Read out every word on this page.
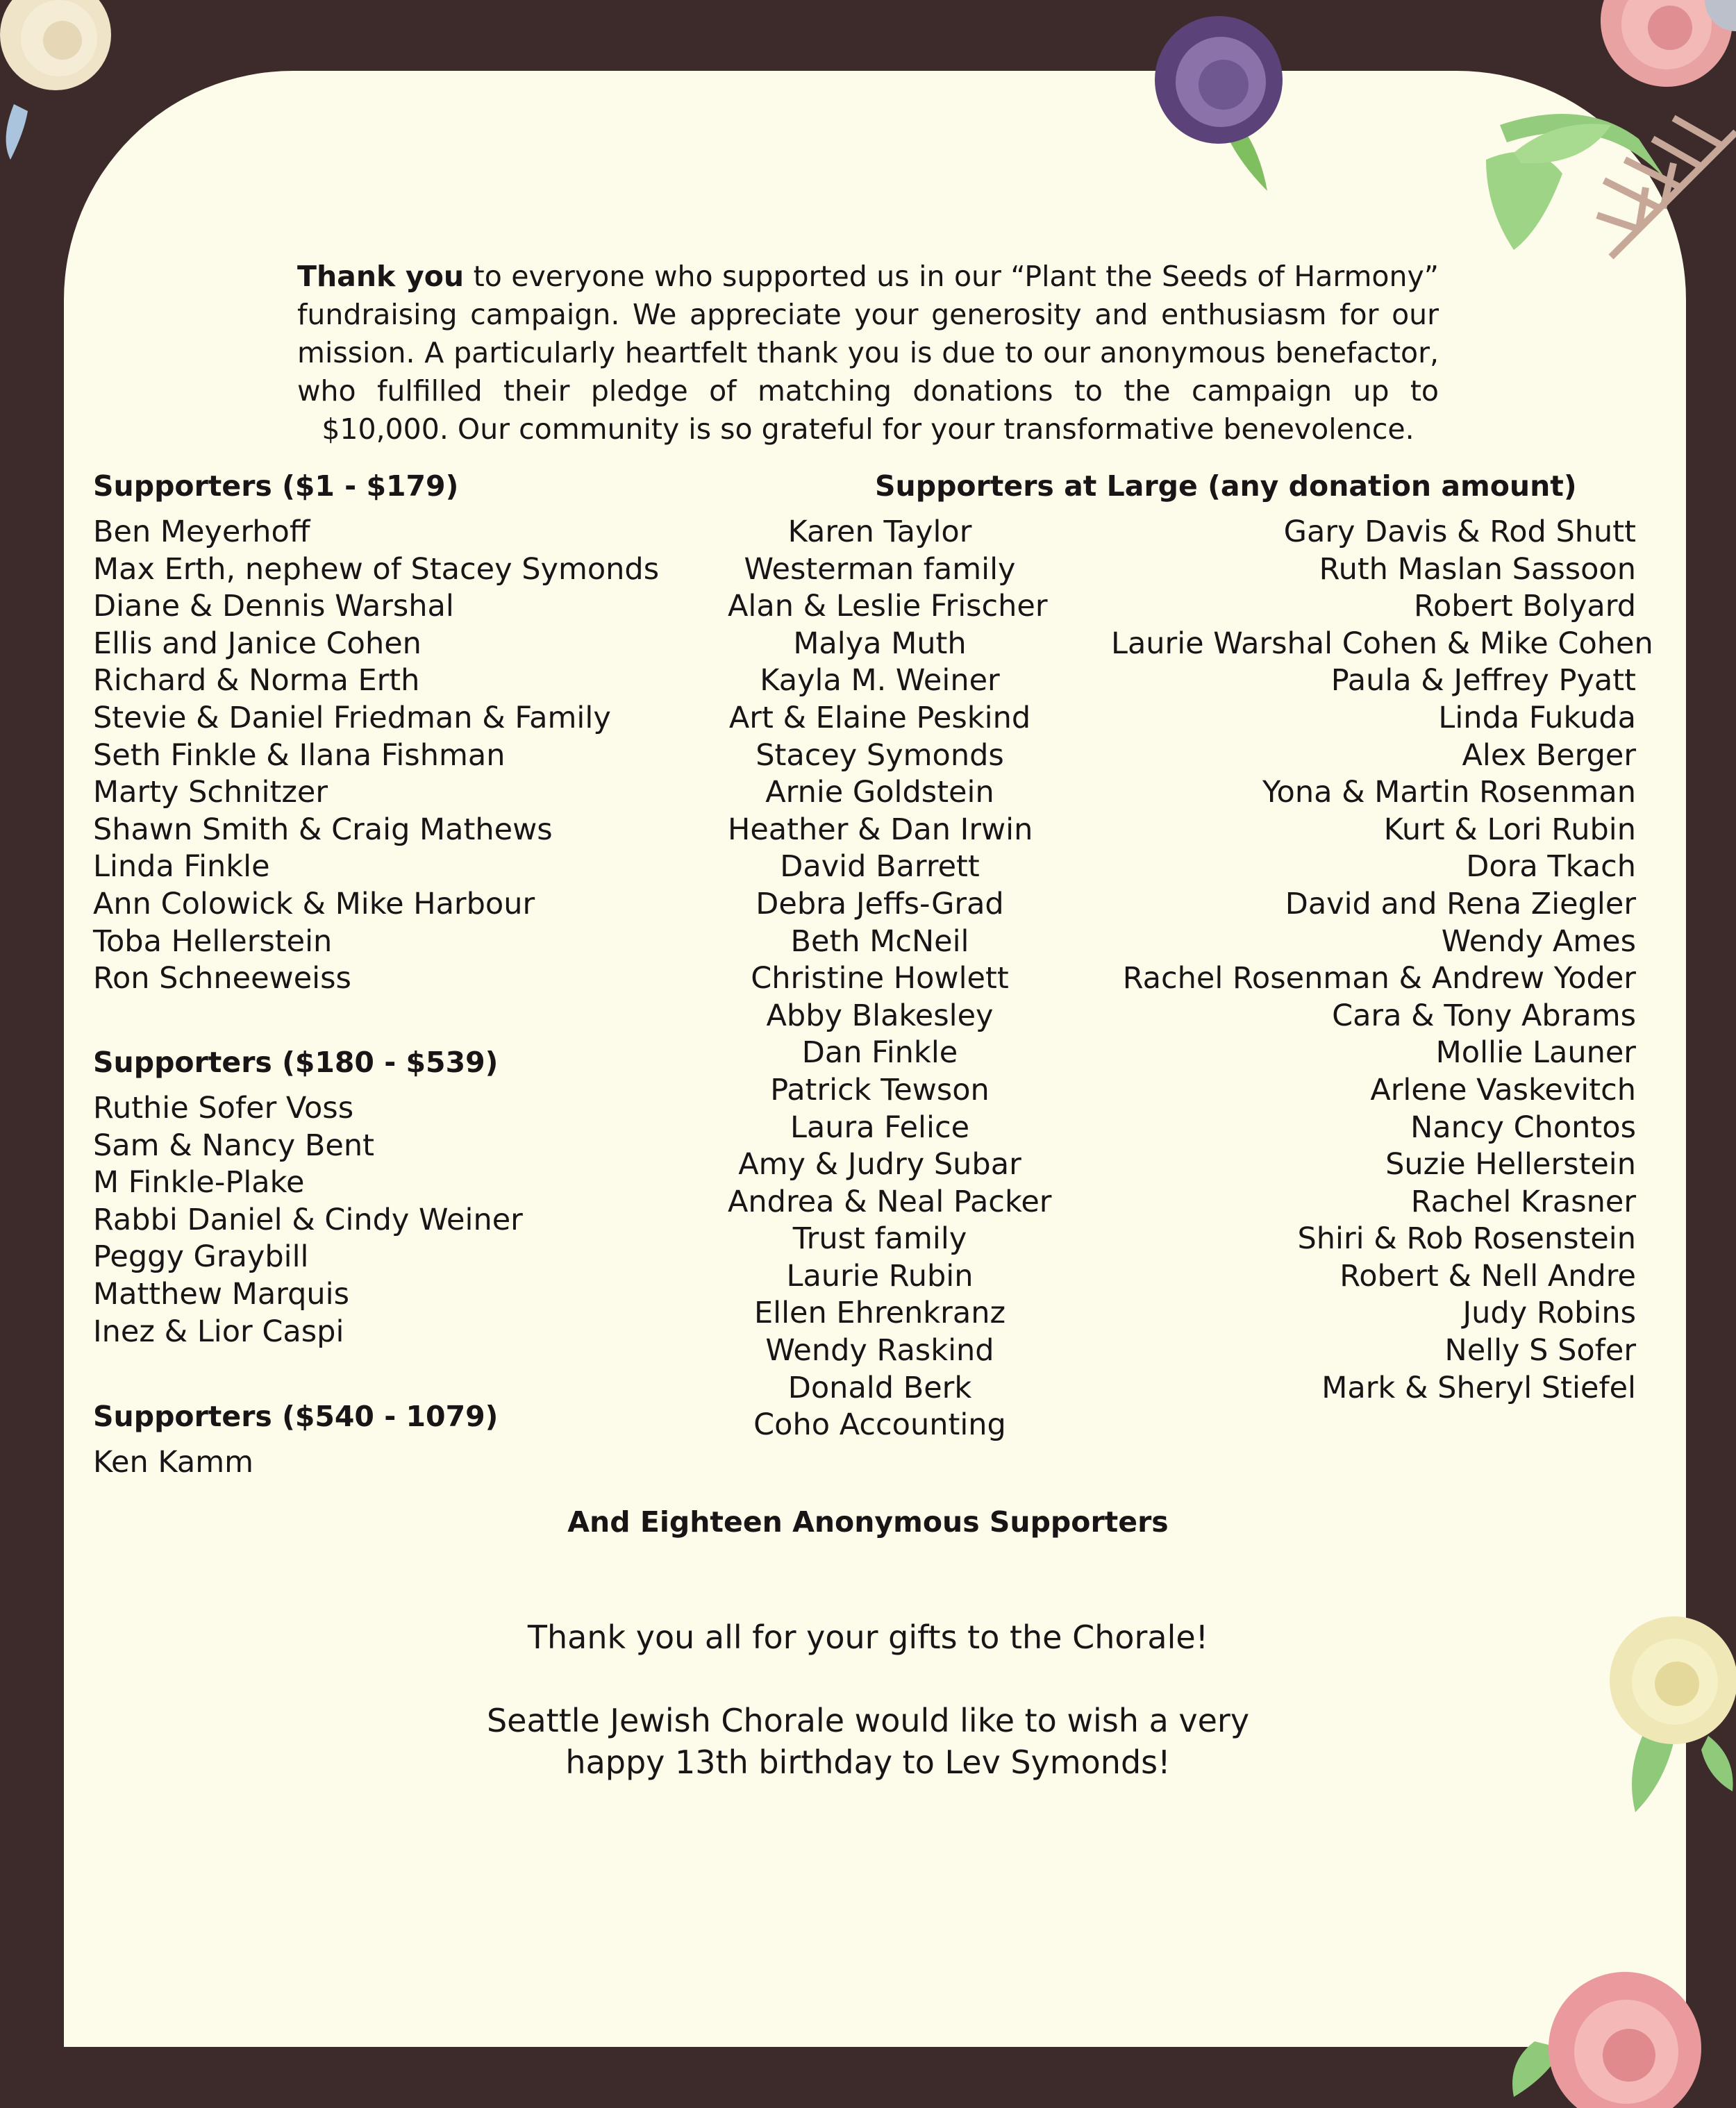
Thank you to everyone who supported us in our “Plant the Seeds of Harmony” fundraising campaign. We appreciate your generosity and enthusiasm for our mission. A particularly heartfelt thank you is due to our anonymous benefactor, who fulfilled their pledge of matching donations to the campaign up to $10,000. Our community is so grateful for your transformative benevolence.

Supporters ($1 - $179)
Ben Meyerhoff
Max Erth, nephew of Stacey Symonds
Diane & Dennis Warshal
Ellis and Janice Cohen
Richard & Norma Erth
Stevie & Daniel Friedman & Family
Seth Finkle & Ilana Fishman
Marty Schnitzer
Shawn Smith & Craig Mathews
Linda Finkle
Ann Colowick & Mike Harbour
Toba Hellerstein
Ron Schneeweiss
Supporters ($180 - $539)
Ruthie Sofer Voss
Sam & Nancy Bent
M Finkle-Plake
Rabbi Daniel & Cindy Weiner
Peggy Graybill
Matthew Marquis
Inez & Lior Caspi
Supporters ($540 - 1079)
Ken Kamm
Supporters at Large (any donation amount)
Karen Taylor
Westerman family
Alan & Leslie Frischer
Malya Muth
Kayla M. Weiner
Art & Elaine Peskind
Stacey Symonds
Arnie Goldstein
Heather & Dan Irwin
David Barrett
Debra Jeffs-Grad
Beth McNeil
Christine Howlett
Abby Blakesley
Dan Finkle
Patrick Tewson
Laura Felice
Amy & Judry Subar
Andrea & Neal Packer
Trust family
Laurie Rubin
Ellen Ehrenkranz
Wendy Raskind
Donald Berk
Coho Accounting
Gary Davis & Rod Shutt
Ruth Maslan Sassoon
Robert Bolyard
Laurie Warshal Cohen & Mike Cohen
Paula & Jeffrey Pyatt
Linda Fukuda
Alex Berger
Yona & Martin Rosenman
Kurt & Lori Rubin
Dora Tkach
David and Rena Ziegler
Wendy Ames
Rachel Rosenman & Andrew Yoder
Cara & Tony Abrams
Mollie Launer
Arlene Vaskevitch
Nancy Chontos
Suzie Hellerstein
Rachel Krasner
Shiri & Rob Rosenstein
Robert & Nell Andre
Judy Robins
Nelly S Sofer
Mark & Sheryl Stiefel
And Eighteen Anonymous Supporters

Thank you all for your gifts to the Chorale!

Seattle Jewish Chorale would like to wish a very

happy 13th birthday to Lev Symonds!
